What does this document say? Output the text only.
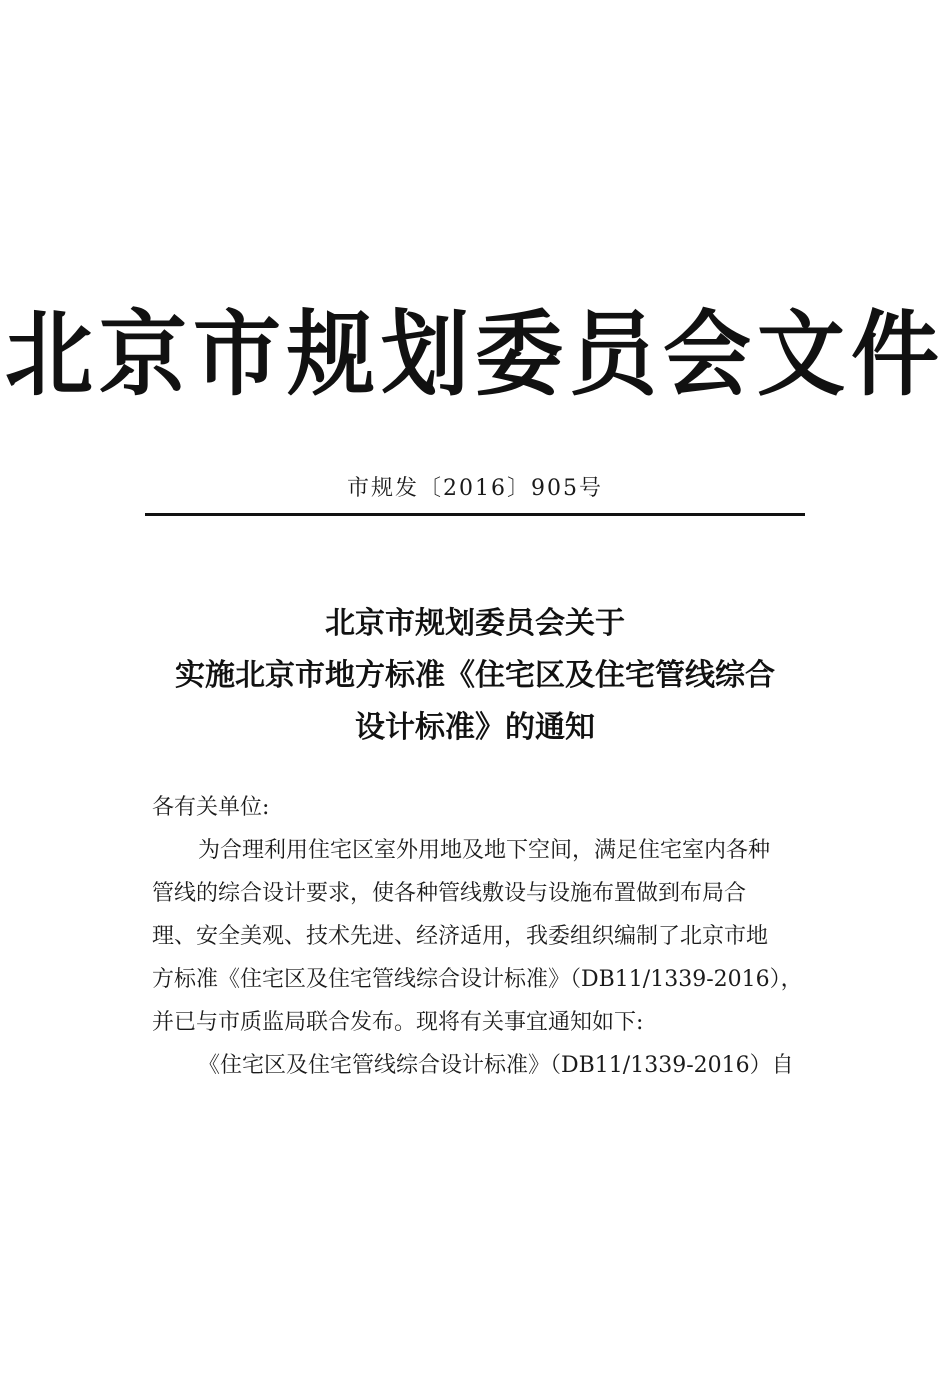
北京市规划委员会文件
市规发〔2016〕905号
北京市规划委员会关于
实施北京市地方标准《住宅区及住宅管线综合
设计标准》的通知
各有关单位:
为合理利用住宅区室外用地及地下空间，满足住宅室内各种
管线的综合设计要求，使各种管线敷设与设施布置做到布局合
理、安全美观、技术先进、经济适用，我委组织编制了北京市地
方标准《住宅区及住宅管线综合设计标准》（DB11/1339-2016），
并已与市质监局联合发布。现将有关事宜通知如下:
《住宅区及住宅管线综合设计标准》（DB11/1339-2016）自
